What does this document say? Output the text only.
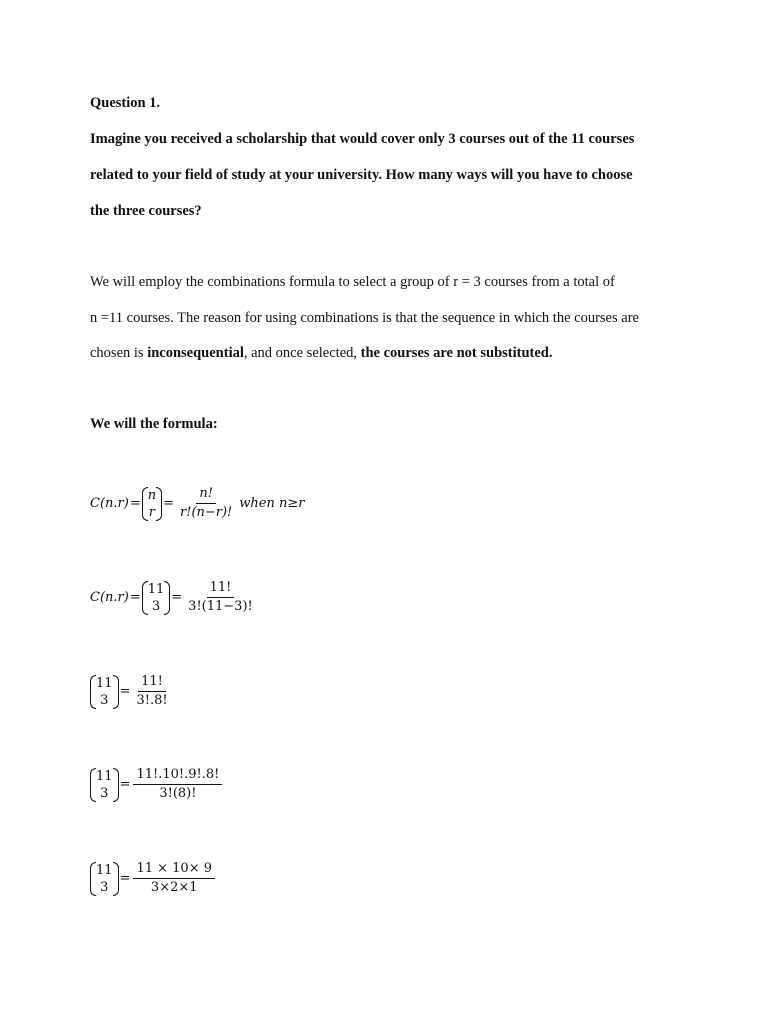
Question 1.
Imagine you received a scholarship that would cover only 3 courses out of the 11 courses
related to your field of study at your university. How many ways will you have to choose
the three courses?
We will employ the combinations formula to select a group of r = 3 courses from a total of
n =11 courses. The reason for using combinations is that the sequence in which the courses are
chosen is inconsequential, and once selected, the courses are not substituted.
We will the formula:
C(n.r) =
n
r
= $\frac{n!}{r!(n-r)!}$ when n≥r
C(n.r) =
11
3
= $\frac{11!}{3!(11-3)!}$
11
3
= $\frac{11!}{3!.8!}$
11
3
= $\frac{11!.10!.9!.8!}{3!(8)!}$
11
3
= $\frac{11 \times 10\times 9}{3\times 2\times 1}$
